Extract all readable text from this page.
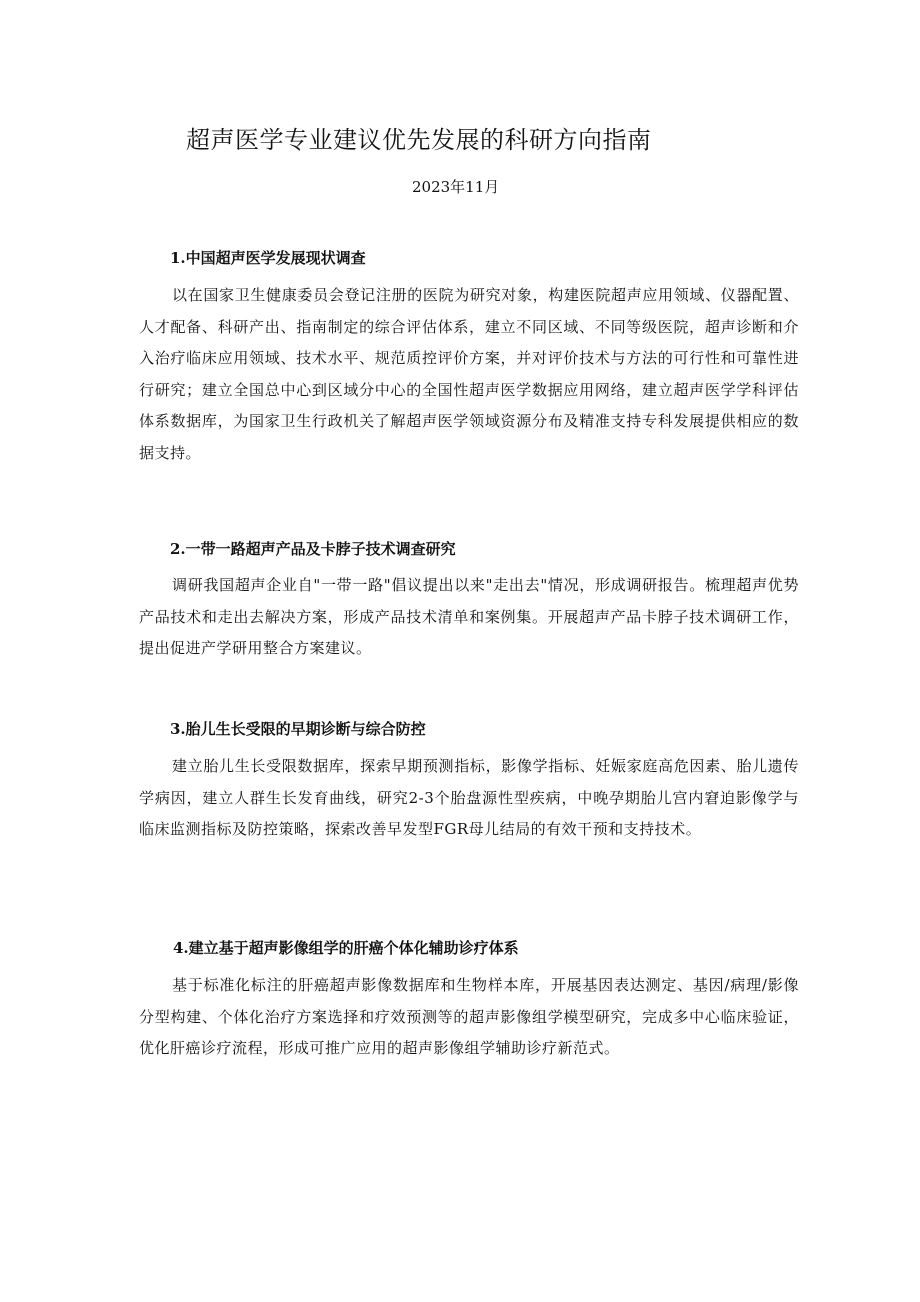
超声医学专业建议优先发展的科研方向指南

2023年11月

1.中国超声医学发展现状调查

以在国家卫生健康委员会登记注册的医院为研究对象，构建医院超声应用领域、仪器配置、人才配备、科研产出、指南制定的综合评估体系，建立不同区域、不同等级医院，超声诊断和介入治疗临床应用领域、技术水平、规范质控评价方案，并对评价技术与方法的可行性和可靠性进行研究；建立全国总中心到区域分中心的全国性超声医学数据应用网络，建立超声医学学科评估体系数据库，为国家卫生行政机关了解超声医学领域资源分布及精准支持专科发展提供相应的数据支持。

2.一带一路超声产品及卡脖子技术调查研究

调研我国超声企业自"一带一路"倡议提出以来"走出去"情况，形成调研报告。梳理超声优势产品技术和走出去解决方案，形成产品技术清单和案例集。开展超声产品卡脖子技术调研工作，提出促进产学研用整合方案建议。

3.胎儿生长受限的早期诊断与综合防控

建立胎儿生长受限数据库，探索早期预测指标，影像学指标、妊娠家庭高危因素、胎儿遗传学病因，建立人群生长发育曲线，研究2-3个胎盘源性型疾病，中晚孕期胎儿宫内窘迫影像学与临床监测指标及防控策略，探索改善早发型FGR母儿结局的有效干预和支持技术。

4.建立基于超声影像组学的肝癌个体化辅助诊疗体系

基于标准化标注的肝癌超声影像数据库和生物样本库，开展基因表达测定、基因/病理/影像分型构建、个体化治疗方案选择和疗效预测等的超声影像组学模型研究，完成多中心临床验证，优化肝癌诊疗流程，形成可推广应用的超声影像组学辅助诊疗新范式。
